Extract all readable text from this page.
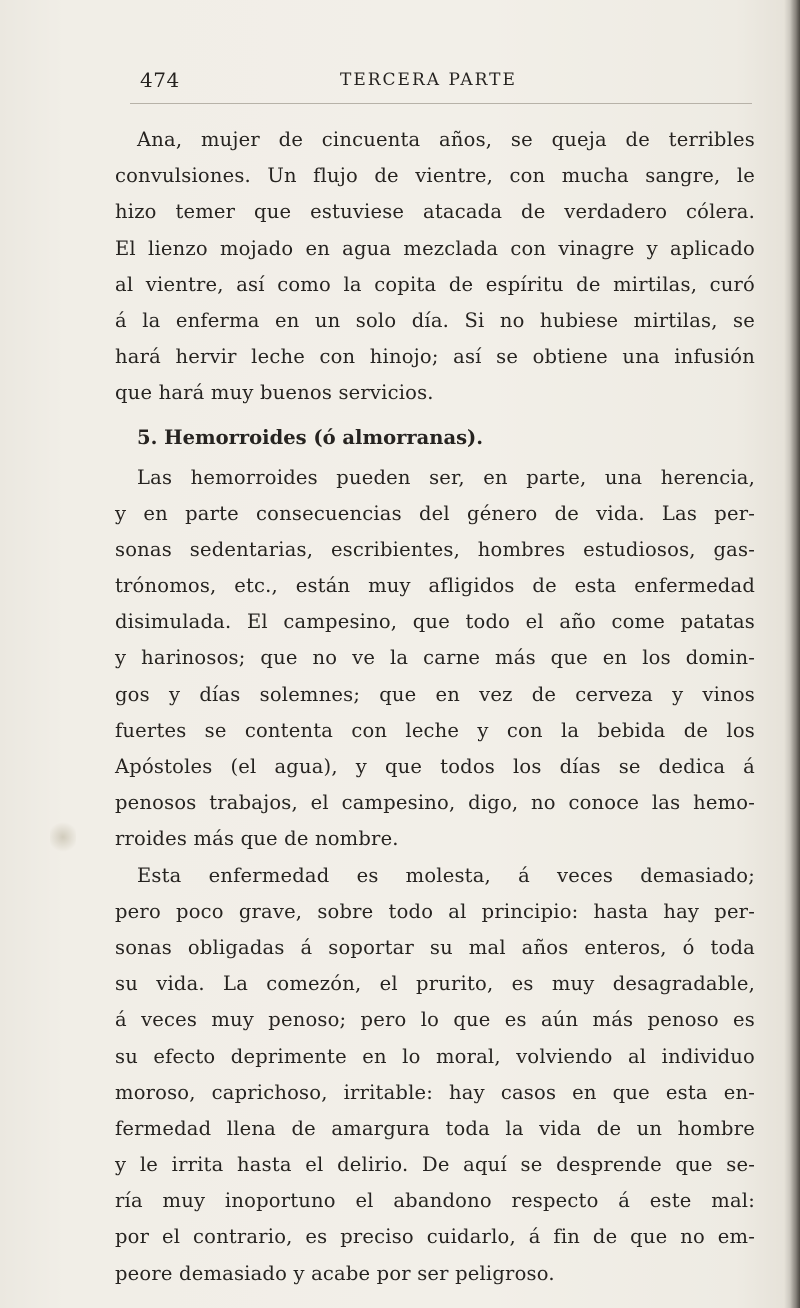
474	TERCERA PARTE
Ana, mujer de cincuenta años, se queja de terribles
convulsiones. Un flujo de vientre, con mucha sangre, le
hizo temer que estuviese atacada de verdadero cólera.
El lienzo mojado en agua mezclada con vinagre y aplicado
al vientre, así como la copita de espíritu de mirtilas, curó
á la enferma en un solo día. Si no hubiese mirtilas, se
hará hervir leche con hinojo; así se obtiene una infusión
que hará muy buenos servicios.
5. Hemorroides (ó almorranas).
Las hemorroides pueden ser, en parte, una herencia,
y en parte consecuencias del género de vida. Las per-
sonas sedentarias, escribientes, hombres estudiosos, gas-
trónomos, etc., están muy afligidos de esta enfermedad
disimulada. El campesino, que todo el año come patatas
y harinosos; que no ve la carne más que en los domin-
gos y días solemnes; que en vez de cerveza y vinos
fuertes se contenta con leche y con la bebida de los
Apóstoles (el agua), y que todos los días se dedica á
penosos trabajos, el campesino, digo, no conoce las hemo-
rroides más que de nombre.
Esta enfermedad es molesta, á veces demasiado;
pero poco grave, sobre todo al principio: hasta hay per-
sonas obligadas á soportar su mal años enteros, ó toda
su vida. La comezón, el prurito, es muy desagradable,
á veces muy penoso; pero lo que es aún más penoso es
su efecto deprimente en lo moral, volviendo al individuo
moroso, caprichoso, irritable: hay casos en que esta en-
fermedad llena de amargura toda la vida de un hombre
y le irrita hasta el delirio. De aquí se desprende que se-
ría muy inoportuno el abandono respecto á este mal:
por el contrario, es preciso cuidarlo, á fin de que no em-
peore demasiado y acabe por ser peligroso.
